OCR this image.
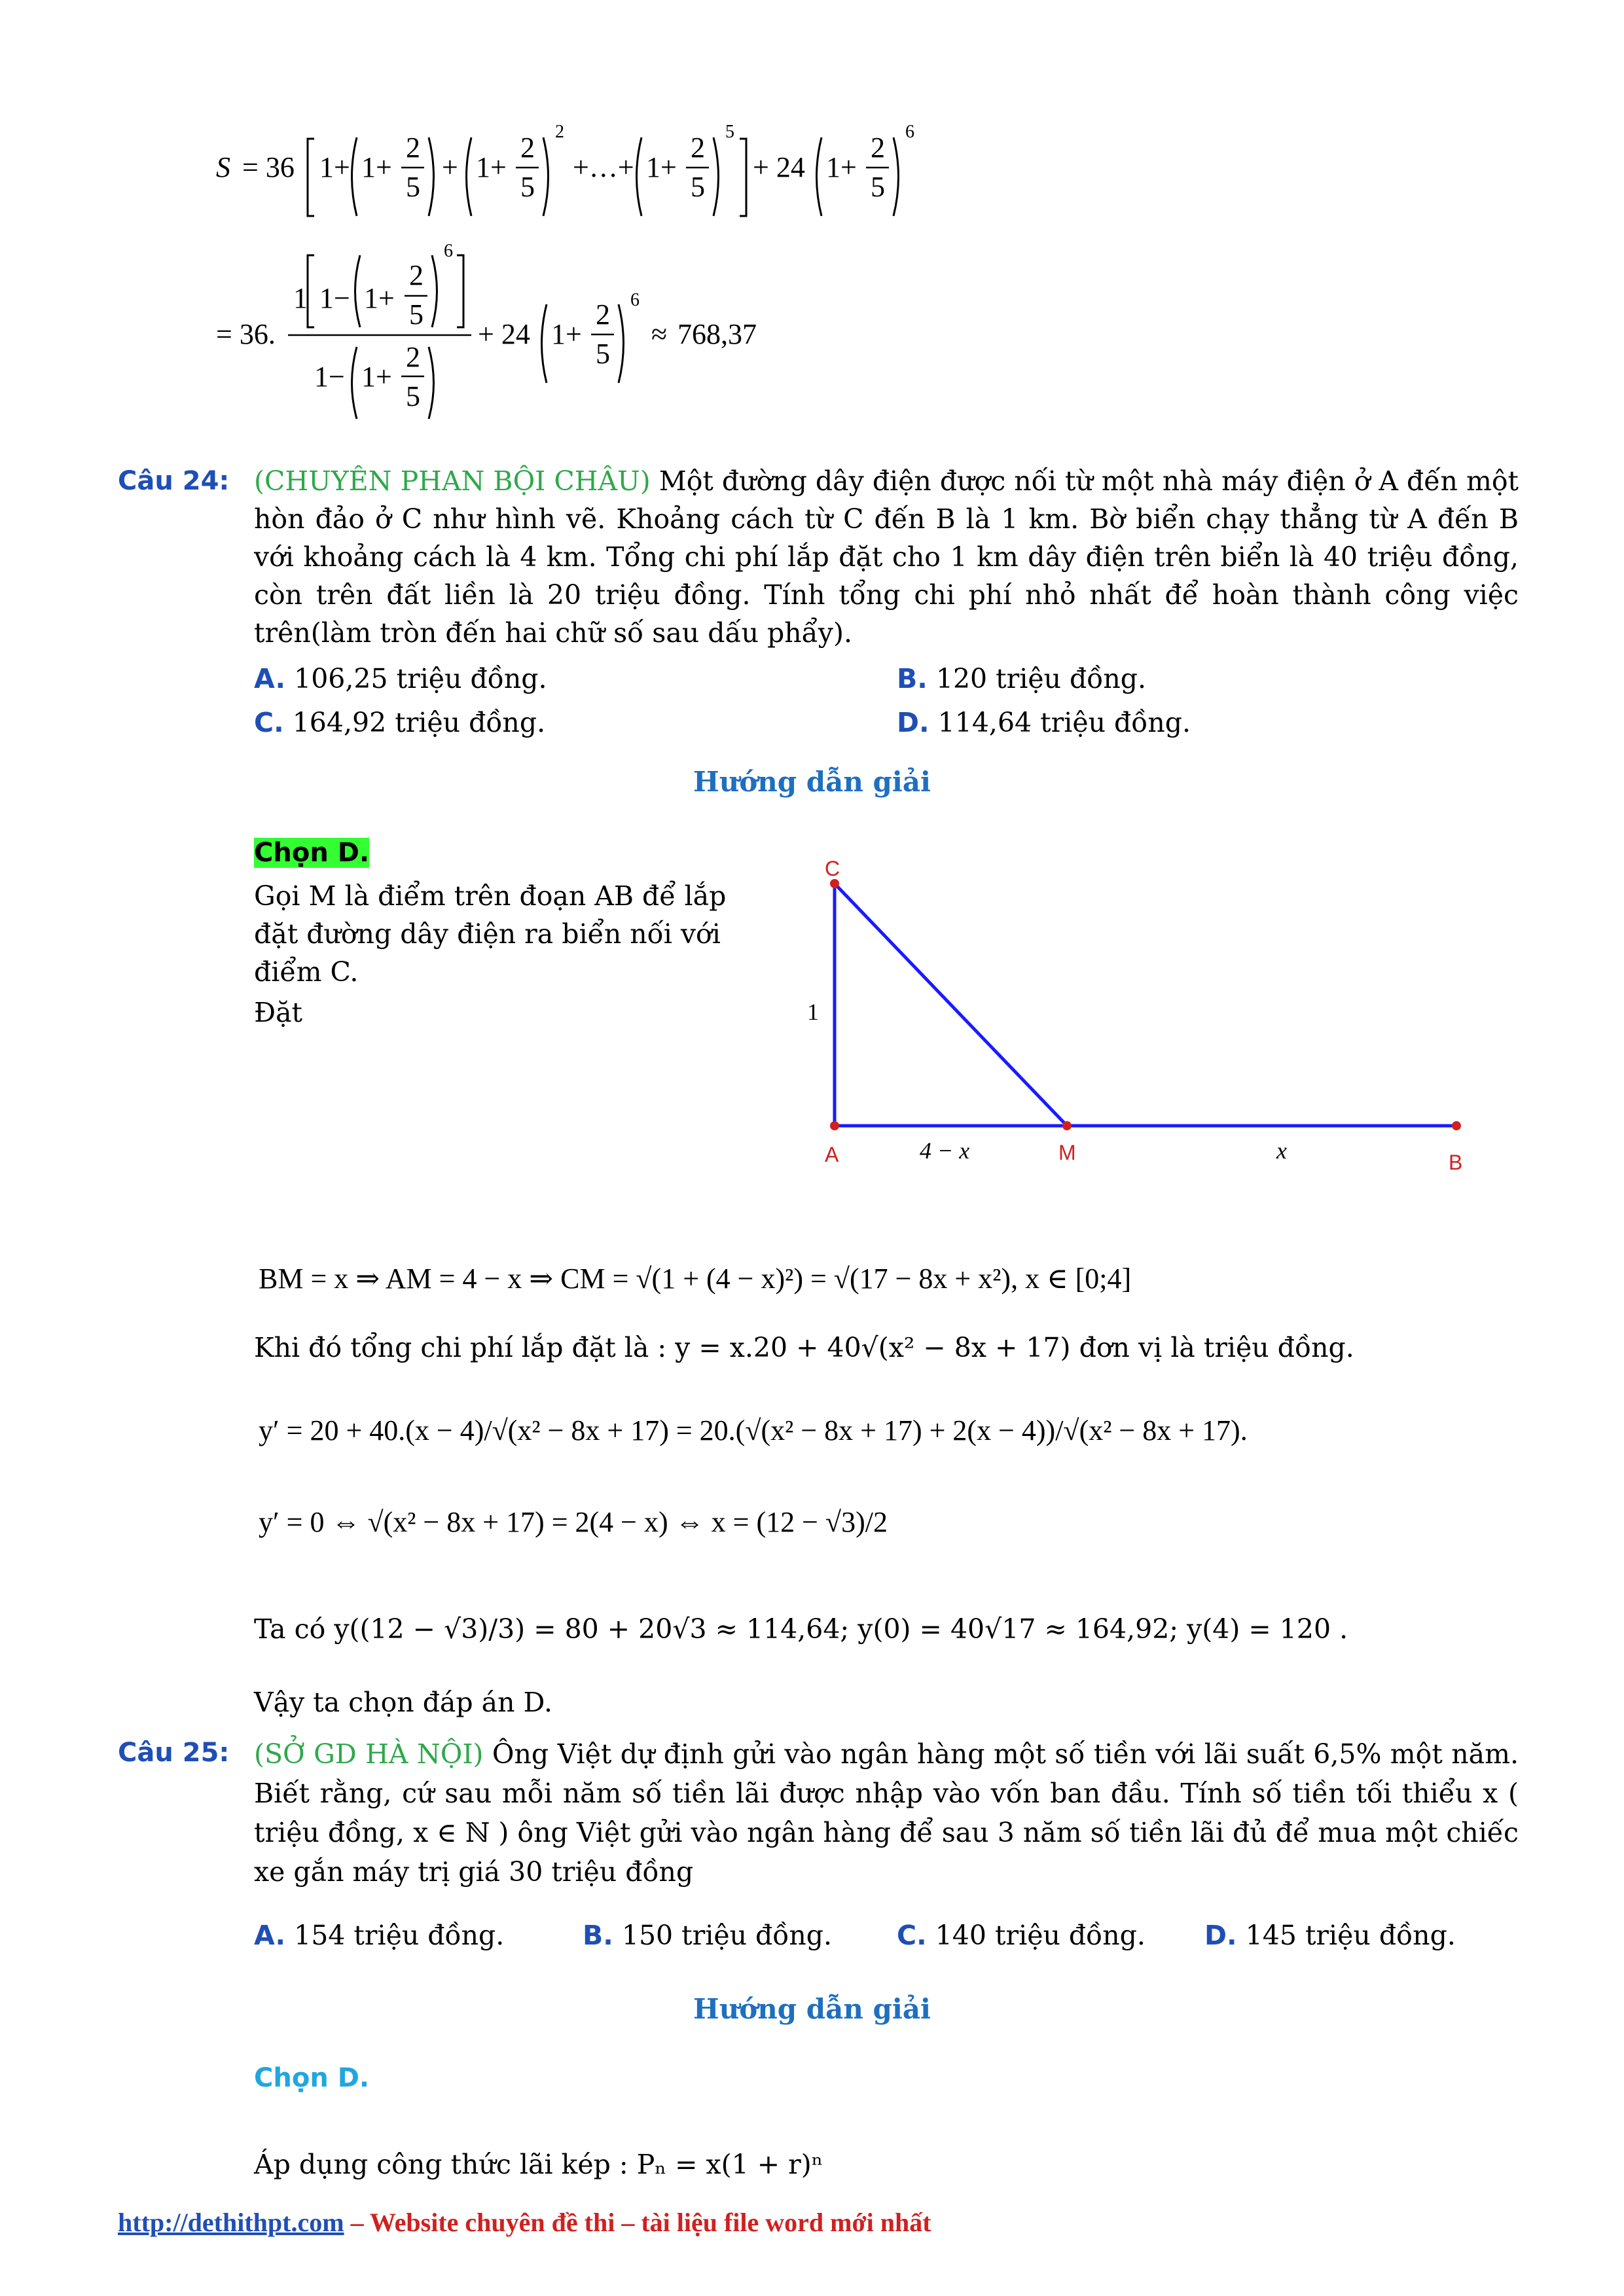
S = 36 1+ 1+
2
5
+ 1+
2
5
2
+…+ 1+
2
5
5
+ 24 1+
2
5
6
= 36.
1 1− 1+
2
5
6
1− 1+
2
5
+ 24 1+
2
5
6
≈ 768,37
Câu 24: (CHUYÊN PHAN BỘI CHÂU) Một đường dây điện được nối từ một nhà máy điện ở A đến một hòn đảo ở C như hình vẽ. Khoảng cách từ C đến B là 1 km. Bờ biển chạy thẳng từ A đến B với khoảng cách là 4 km. Tổng chi phí lắp đặt cho 1 km dây điện trên biển là 40 triệu đồng, còn trên đất liền là 20 triệu đồng. Tính tổng chi phí nhỏ nhất để hoàn thành công việc trên(làm tròn đến hai chữ số sau dấu phẩy).
A. 106,25 triệu đồng.	B. 120 triệu đồng.
C. 164,92 triệu đồng.	D. 114,64 triệu đồng.
Hướng dẫn giải
Chọn D.
Gọi M là điểm trên đoạn AB để lắp đặt đường dây điện ra biển nối với điểm C.
Đặt
C
A	M	B
1
4 − x	x
BM = x ⇒ AM = 4 − x ⇒ CM = √(1 + (4 − x)²) = √(17 − 8x + x²), x ∈ [0;4]
Khi đó tổng chi phí lắp đặt là : y = x.20 + 40√(x² − 8x + 17) đơn vị là triệu đồng.
y′ = 20 + 40.(x − 4)/√(x² − 8x + 17) = 20.(√(x² − 8x + 17) + 2(x − 4))/√(x² − 8x + 17).
y′ = 0 ⇔ √(x² − 8x + 17) = 2(4 − x) ⇔ x = (12 − √3)/2
Ta có y((12 − √3)/3) = 80 + 20√3 ≈ 114,64; y(0) = 40√17 ≈ 164,92; y(4) = 120 .
Vậy ta chọn đáp án D.
Câu 25: (SỞ GD HÀ NỘI) Ông Việt dự định gửi vào ngân hàng một số tiền với lãi suất 6,5% một năm. Biết rằng, cứ sau mỗi năm số tiền lãi được nhập vào vốn ban đầu. Tính số tiền tối thiểu x ( triệu đồng, x ∈ ℕ ) ông Việt gửi vào ngân hàng để sau 3 năm số tiền lãi đủ để mua một chiếc xe gắn máy trị giá 30 triệu đồng
A. 154 triệu đồng.	B. 150 triệu đồng. C. 140 triệu đồng. D. 145 triệu đồng.
Hướng dẫn giải
Chọn D.
Áp dụng công thức lãi kép : Pₙ = x(1 + r)ⁿ
http://dethithpt.com – Website chuyên đề thi – tài liệu file word mới nhất
